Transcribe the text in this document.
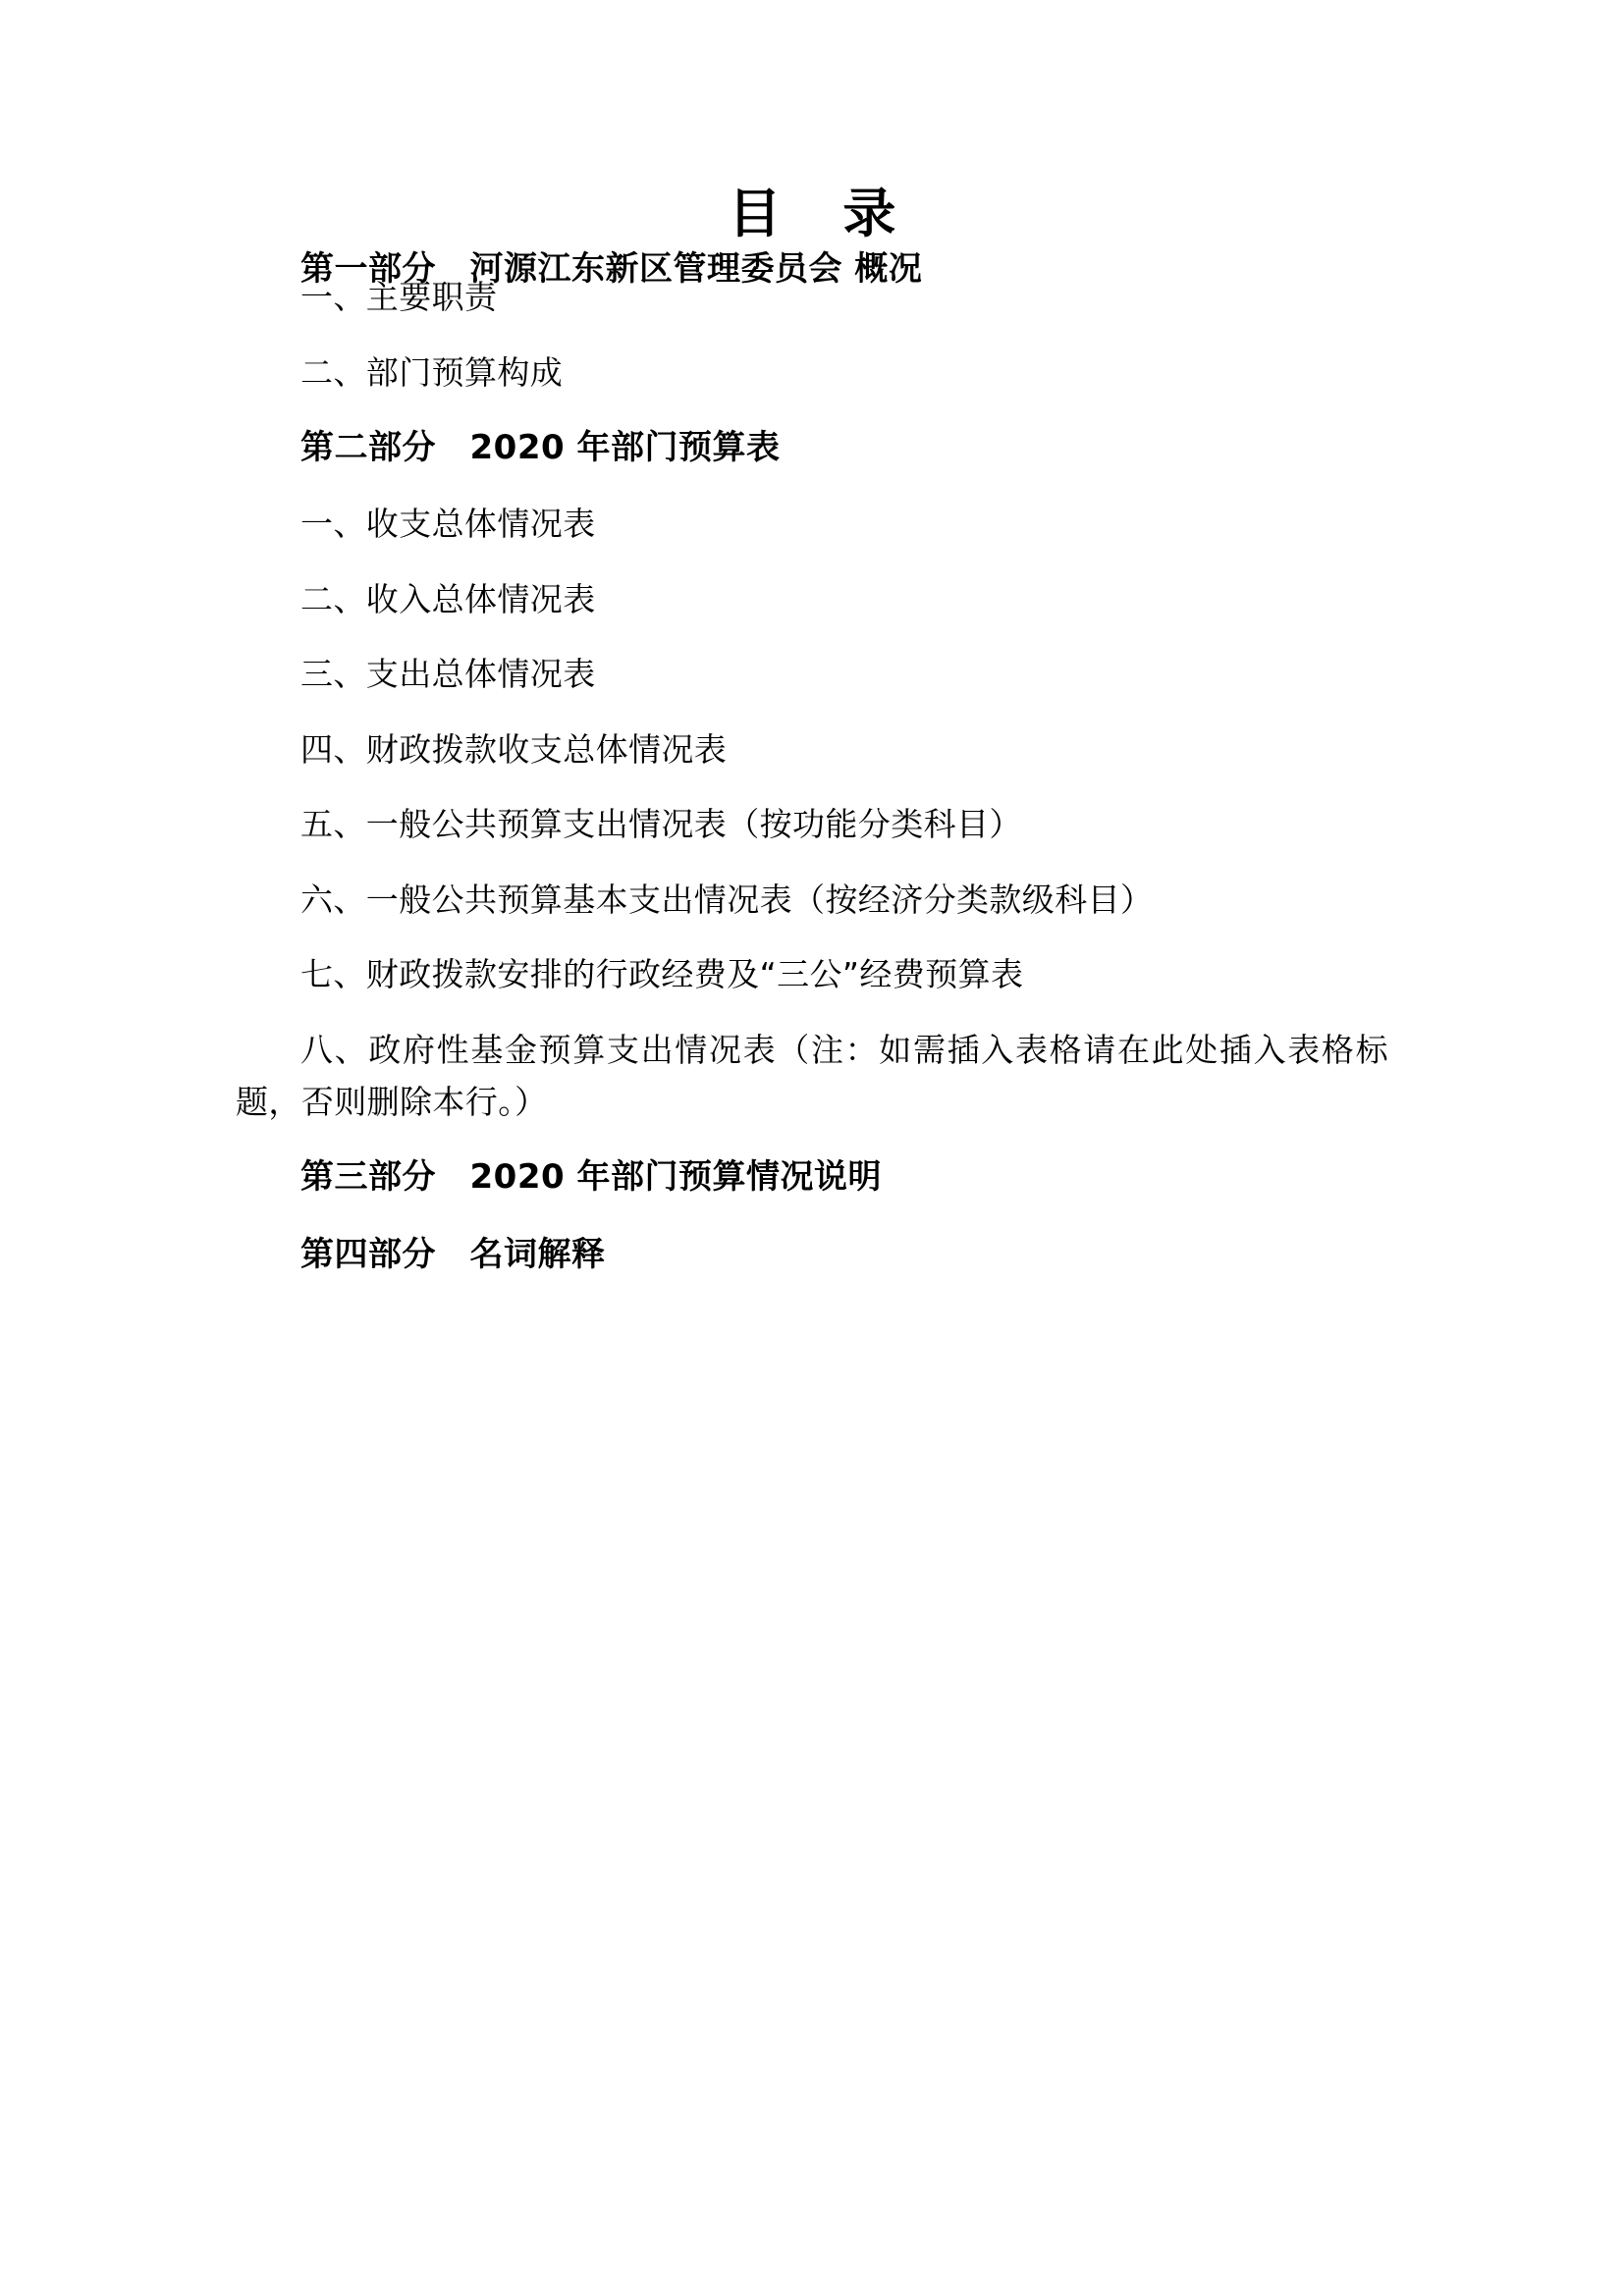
目 录

第一部分　河源江东新区管理委员会 概况

一、主要职责

二、部门预算构成

第二部分　2020 年部门预算表

一、收支总体情况表

二、收入总体情况表

三、支出总体情况表

四、财政拨款收支总体情况表

五、一般公共预算支出情况表（按功能分类科目）

六、一般公共预算基本支出情况表（按经济分类款级科目）

七、财政拨款安排的行政经费及“三公”经费预算表

八、政府性基金预算支出情况表（注：如需插入表格请在此处插入表格标题，否则删除本行。）

第三部分　2020 年部门预算情况说明

第四部分　名词解释
